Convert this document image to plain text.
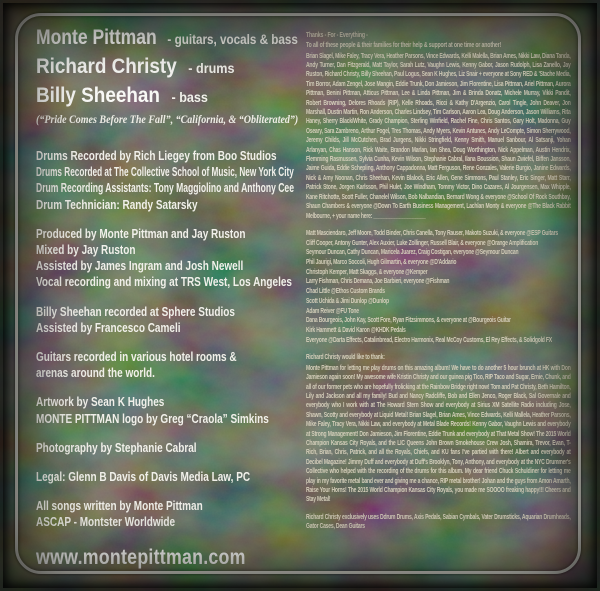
Monte Pittman - guitars, vocals & bass
Richard Christy - drums
Billy Sheehan - bass
(“Pride Comes Before The Fall”, “California, & “Obliterated”)
Drums Recorded by Rich Liegey from Boo Studios
Drums Recorded at The Collective School of Music, New York City
Drum Recording Assistants: Tony Maggiolino and Anthony Cee
Drum Technician: Randy Satarsky
Produced by Monte Pittman and Jay Ruston
Mixed by Jay Ruston
Assisted by James Ingram and Josh Newell
Vocal recording and mixing at TRS West, Los Angeles
Billy Sheehan recorded at Sphere Studios
Assisted by Francesco Cameli
Guitars recorded in various hotel rooms &
arenas around the world.
Artwork by Sean K Hughes
MONTE PITTMAN logo by Greg “Craola” Simkins
Photography by Stephanie Cabral
Legal: Glenn B Davis of Davis Media Law, PC
All songs written by Monte Pittman
ASCAP - Montster Worldwide
www.montepittman.com
Thanks - For - Everything -
To all of these people & their families for their help & support at one time or another!

Brian Slagel, Mike Faley, Tracy Vera, Heather Parsons, Vince Edwards, Kelli Malella, Brian Ames, Nikki Law, Diana Tanda, Andy Turner, Dan Fitzgerald, Matt Taylor, Sarah Lutz, Vaughn Lewis, Kenny Gabor, Jason Rudolph, Lisa Zanello, Jay Ruston, Richard Christy, Billy Sheehan, Paul Logus, Sean K Hughes, Liz Snair + everyone at Sony RED & 'Stache Media, Tim Borror, Adam Zengel, Jose Mangin, Eddie Trunk, Don Jamieson, Jim Florentine, Lisa Pittman, Ariel Pittman, Aurora Pittman, Benini Pittman, Atticus Pittman, Lee & Linda Pittman, Jim & Brinda Donatz, Michele Murray, Vikki Pandit, Robert Browning, Delores Rhoads (RIP), Kelle Rhoads, Ricci & Kathy D'Argenzio, Carol Tingle, John Deaver, Jon Marshall, Dustin Martin, Ron Anderson, Charles Lindsey, Tim Carlson, Aaron Lea, Doug Anderson, Jason Williams, Rita Haney, Sherry Black/White, Grady Champion, Sterling Winfield, Rachel Fine, Chris Santos, Gary Holt, Madonna, Guy Oseary, Sara Zambreno, Arthur Fogel, Tres Thomas, Andy Myers, Kevin Antunes, Andy LeCompte, Simon Sherrywood, Jeremy Childs, Jill McCutchen, Brad Jurgens, Nikki Stringfield, Kenny Smith, Manuel Sanbour, Al Satsanji, Yohan Arlanyan, Chas Hanson, Rick Waite, Brandon Marlan, Ian Shea, Doug Worthington, Nick Appelman, Austin Hendrix, Flemming Rasmussen, Sylvia Cunha, Kevin Wilson, Stephanie Cabral, Ilana Boussion, Shaun Zwiefel, Biffen Jansson, Jaime Guida, Eddie Schepling, Anthony Cappadonna, Matt Ferguson, Rene Gonzales, Valerie Burgio, Janine Edwards, Nick & Amy Noonan, Chris Sheehan, Kevin Blalock, Eric Allen, Gene Simmons, Paul Stanley, Eric Singer, Matt Starr, Patrick Stone, Jorgen Karlsson, Phil Hulet, Joe Windham, Tommy Victor, Dino Cazares, Al Jourgensen, Max Whipple, Kane Ritchotte, Scott Fuller, Chanelel Wilson, Bob Nalbandian, Bernard Wong & everyone @School Of Rock Southbay, Shaun Chambers & everyone @Down To Earth Business Management, Lachlan Monty & everyone @The Black Rabbit Melbourne, + your name here: ____________________

Matt Masciendaro, Jeff Moore, Todd Binder, Chris Canella, Tony Rauser, Makoto Suzuki, & everyone @ESP Guitars
Cliff Cooper, Antony Gunter, Alex Auxier, Luke Zollinger, Russell Blair, & everyone @Orange Amplification
Seymour Duncan, Cathy Duncan, Maricela Juarez, Craig Costigan, everyone @Seymour Duncan
Phil Jaurigi, Marco Soccoli, Hugh Gilmartin, & everyone @D'Addario
Christoph Kemper, Matt Skaggs, & everyone @Kemper
Larry Fishman, Chris Demana, Joe Barbieri, everyone @Fishman
Chad Little @Ethos Custom Brands
Scott Uchida & Jimi Dunlop @Dunlop
Adam Reiver @FU Tone
Dana Bourgeois, John Kay, Scott Fore, Ryan Fitzsimmons, & everyone at @Bourgeois Guitar
Kirk Hammett & David Karon @KHDK Pedals
Everyone @Darta Effects, Catalinbread, Electro Harmonix, Real McCoy Customs, El Rey Effects, & Solidgold FX
Richard Christy would like to thank:

Monte Pittman for letting me play drums on this amazing album! We have to do another 5 hour brunch at HK with Don Jamieson again soon! My awesome wife Kristin Christy and our guinea pig Tico, RIP Taco and Sugar, Ernie, Chunk, and all of our former pets who are hopefully frolicking at the Rainbow Bridge right now! Tom and Pat Christy, Beth Hamilton, Lily and Jackson and all my family! Bud and Nancy Radcliffe, Bob and Ellen Jenco, Roger Black, Sal Governale and everybody who I work with at The Howard Stern Show and everybody at Sirius XM Satellite Radio including Jose, Shawn, Scotty and everybody at Liquid Metal! Brian Slagel, Brian Ames, Vince Edwards, Kelli Mallela, Heather Parsons, Mike Faley, Tracy Vera, Nikki Law, and everybody at Metal Blade Records! Kenny Gabor, Vaughn Lewis and everybody at Strong Management! Don Jamieson, Jim Florentine, Eddie Trunk and everybody at That Metal Show! The 2015 World Champion Kansas City Royals, and the LIC Queens John Brown Smokehouse Crew Josh, Shamira, Trevor, Evan, T-Rich, Brian, Chris, Patrick, and all the Royals, Chiefs, and KU fans I've partied with there! Albert and everybody at Decibel Magazine! Jimmy Duff and everybody at Duff's Brooklyn, Tony, Anthony, and everybody at the NYC Drummer's Collective who helped with the recording of the drums for this album. My dear friend Chuck Schuldiner for letting me play in my favorite metal band ever and giving me a chance, RIP metal brother! Johan and the guys from Amon Amarth, Raise Your Horns! The 2015 World Champion Kansas City Royals, you made me SOOOO freaking happy!!! Cheers and Stay Metal!

Richard Christy exclusively uses Ddrum Drums, Axis Pedals, Sabian Cymbals, Vater Drumsticks, Aquarian Drumheads, Gator Cases, Dean Guitars
